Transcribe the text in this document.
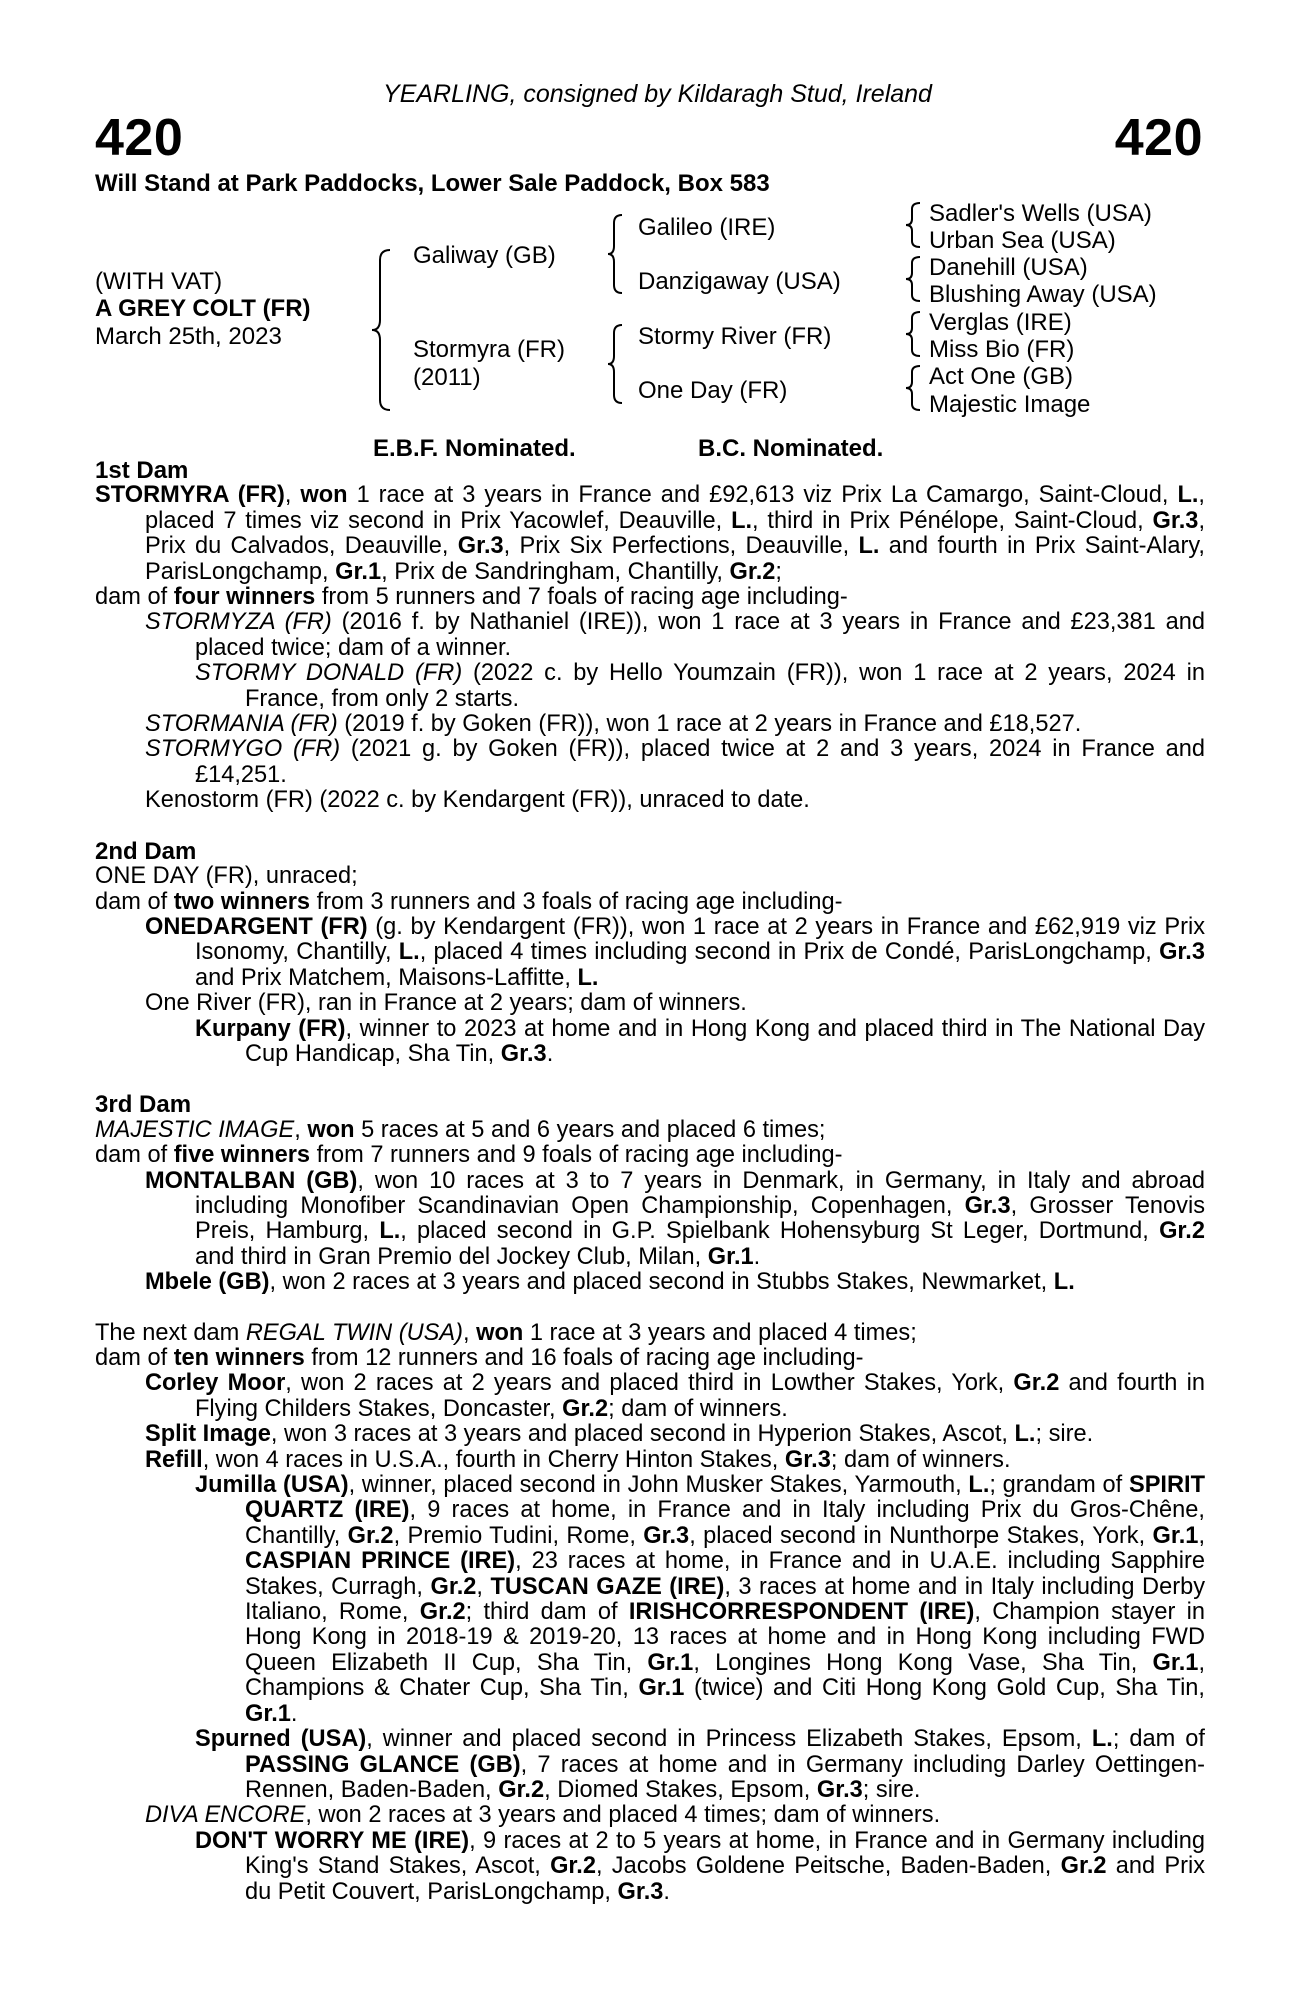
YEARLING, consigned by Kildaragh Stud, Ireland
420	420
Will Stand at Park Paddocks, Lower Sale Paddock, Box 583
(WITH VAT)
A GREY COLT (FR)
March 25th, 2023
Galiway (GB)
Stormyra (FR)
(2011)
Galileo (IRE)
Danzigaway (USA)
Stormy River (FR)
One Day (FR)
Sadler's Wells (USA)
Urban Sea (USA)
Danehill (USA)
Blushing Away (USA)
Verglas (IRE)
Miss Bio (FR)
Act One (GB)
Majestic Image
E.B.F. Nominated.	B.C. Nominated.

1st Dam

STORMYRA (FR), won 1 race at 3 years in France and £92,613 viz Prix La Camargo, Saint-Cloud, L., placed 7 times viz second in Prix Yacowlef, Deauville, L., third in Prix Pénélope, Saint-Cloud, Gr.3, Prix du Calvados, Deauville, Gr.3, Prix Six Perfections, Deauville, L. and fourth in Prix Saint-Alary, ParisLongchamp, Gr.1, Prix de Sandringham, Chantilly, Gr.2;

dam of four winners from 5 runners and 7 foals of racing age including-

STORMYZA (FR) (2016 f. by Nathaniel (IRE)), won 1 race at 3 years in France and £23,381 and placed twice; dam of a winner.

STORMY DONALD (FR) (2022 c. by Hello Youmzain (FR)), won 1 race at 2 years, 2024 in France, from only 2 starts.

STORMANIA (FR) (2019 f. by Goken (FR)), won 1 race at 2 years in France and £18,527.

STORMYGO (FR) (2021 g. by Goken (FR)), placed twice at 2 and 3 years, 2024 in France and £14,251.

Kenostorm (FR) (2022 c. by Kendargent (FR)), unraced to date.

2nd Dam

ONE DAY (FR), unraced;

dam of two winners from 3 runners and 3 foals of racing age including-

ONEDARGENT (FR) (g. by Kendargent (FR)), won 1 race at 2 years in France and £62,919 viz Prix Isonomy, Chantilly, L., placed 4 times including second in Prix de Condé, ParisLongchamp, Gr.3 and Prix Matchem, Maisons-Laffitte, L.

One River (FR), ran in France at 2 years; dam of winners.

Kurpany (FR), winner to 2023 at home and in Hong Kong and placed third in The National Day Cup Handicap, Sha Tin, Gr.3.

3rd Dam

MAJESTIC IMAGE, won 5 races at 5 and 6 years and placed 6 times;

dam of five winners from 7 runners and 9 foals of racing age including-

MONTALBAN (GB), won 10 races at 3 to 7 years in Denmark, in Germany, in Italy and abroad including Monofiber Scandinavian Open Championship, Copenhagen, Gr.3, Grosser Tenovis Preis, Hamburg, L., placed second in G.P. Spielbank Hohensyburg St Leger, Dortmund, Gr.2 and third in Gran Premio del Jockey Club, Milan, Gr.1.

Mbele (GB), won 2 races at 3 years and placed second in Stubbs Stakes, Newmarket, L.

The next dam REGAL TWIN (USA), won 1 race at 3 years and placed 4 times;

dam of ten winners from 12 runners and 16 foals of racing age including-

Corley Moor, won 2 races at 2 years and placed third in Lowther Stakes, York, Gr.2 and fourth in Flying Childers Stakes, Doncaster, Gr.2; dam of winners.

Split Image, won 3 races at 3 years and placed second in Hyperion Stakes, Ascot, L.; sire.

Refill, won 4 races in U.S.A., fourth in Cherry Hinton Stakes, Gr.3; dam of winners.

Jumilla (USA), winner, placed second in John Musker Stakes, Yarmouth, L.; grandam of SPIRIT QUARTZ (IRE), 9 races at home, in France and in Italy including Prix du Gros-Chêne, Chantilly, Gr.2, Premio Tudini, Rome, Gr.3, placed second in Nunthorpe Stakes, York, Gr.1, CASPIAN PRINCE (IRE), 23 races at home, in France and in U.A.E. including Sapphire Stakes, Curragh, Gr.2, TUSCAN GAZE (IRE), 3 races at home and in Italy including Derby Italiano, Rome, Gr.2; third dam of IRISHCORRESPONDENT (IRE), Champion stayer in Hong Kong in 2018-19 & 2019-20, 13 races at home and in Hong Kong including FWD Queen Elizabeth II Cup, Sha Tin, Gr.1, Longines Hong Kong Vase, Sha Tin, Gr.1, Champions & Chater Cup, Sha Tin, Gr.1 (twice) and Citi Hong Kong Gold Cup, Sha Tin, Gr.1.

Spurned (USA), winner and placed second in Princess Elizabeth Stakes, Epsom, L.; dam of PASSING GLANCE (GB), 7 races at home and in Germany including Darley Oettingen-Rennen, Baden-Baden, Gr.2, Diomed Stakes, Epsom, Gr.3; sire.

DIVA ENCORE, won 2 races at 3 years and placed 4 times; dam of winners.

DON'T WORRY ME (IRE), 9 races at 2 to 5 years at home, in France and in Germany including King's Stand Stakes, Ascot, Gr.2, Jacobs Goldene Peitsche, Baden-Baden, Gr.2 and Prix du Petit Couvert, ParisLongchamp, Gr.3.
